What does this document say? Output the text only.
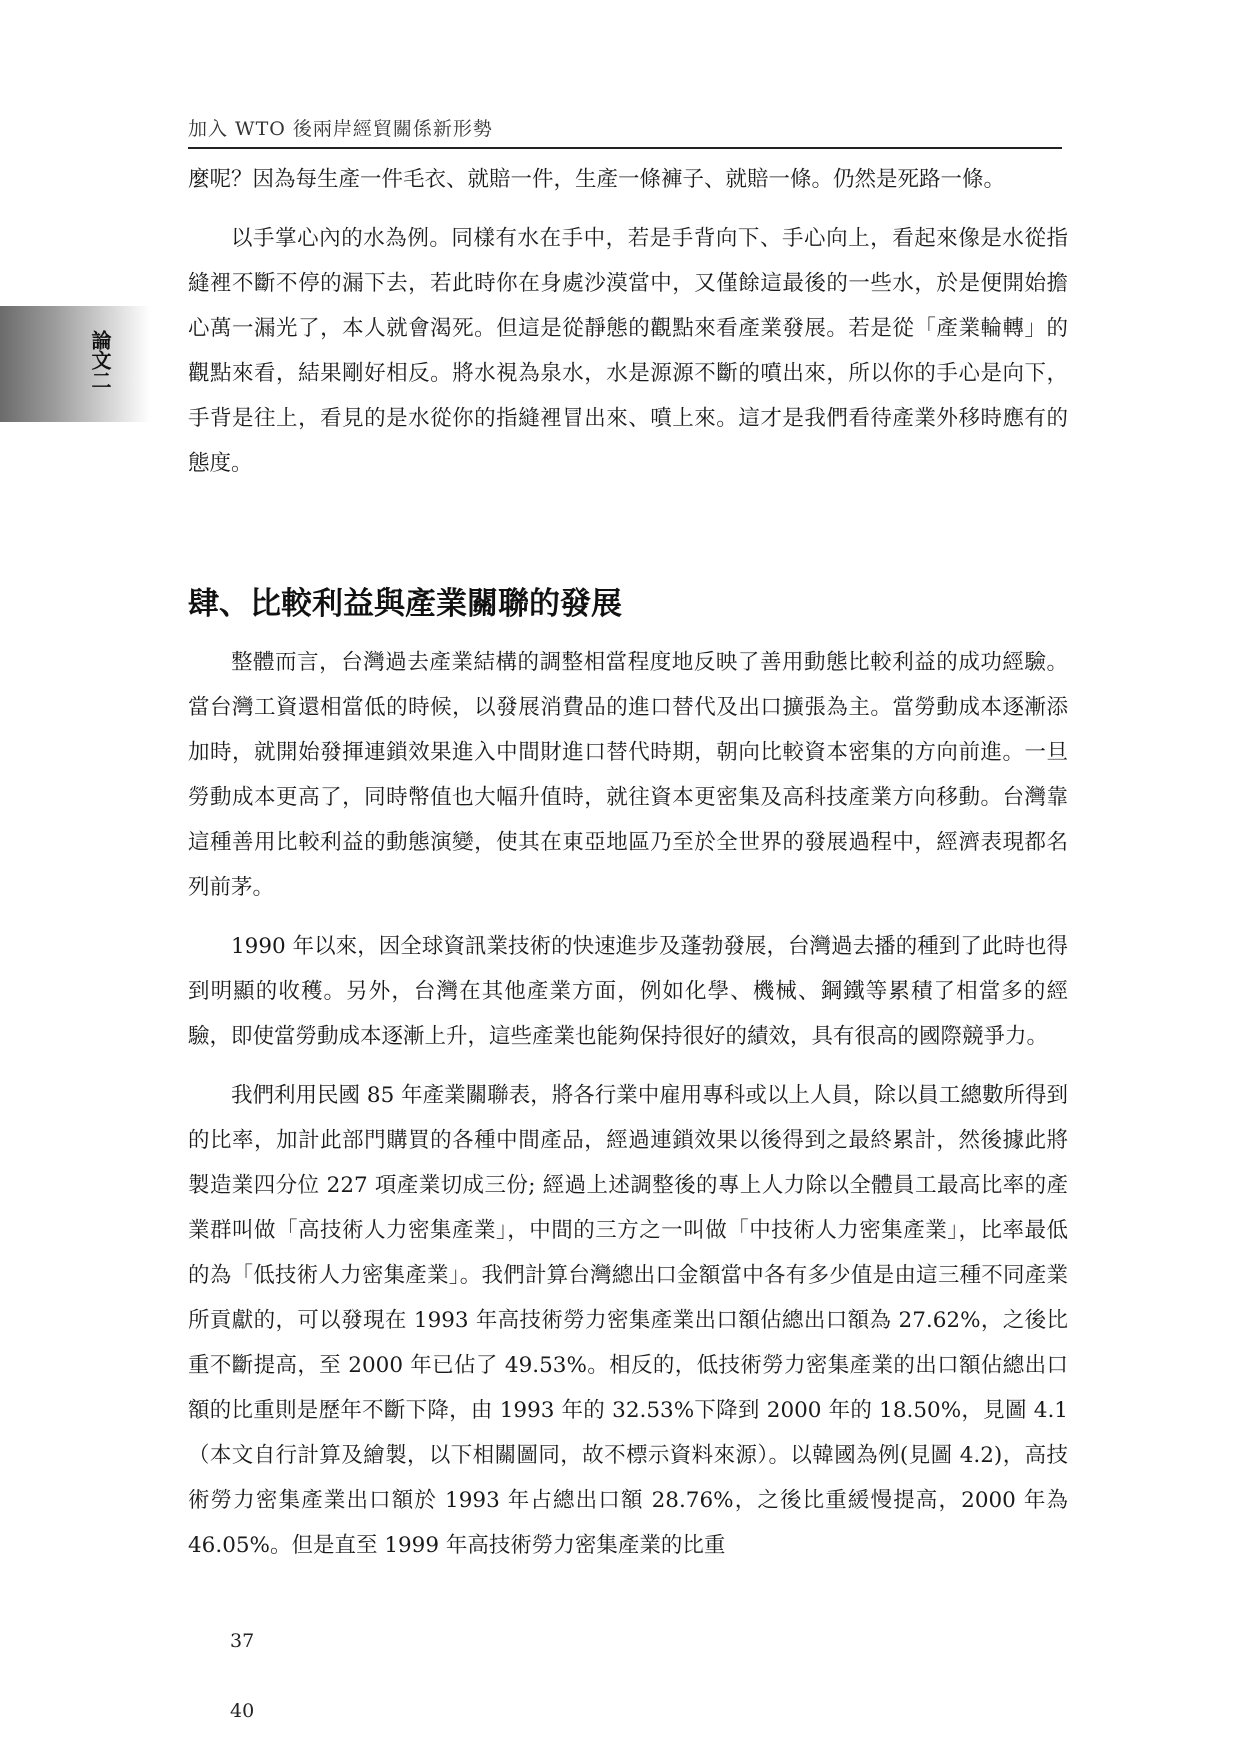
論文二
加入 WTO 後兩岸經貿關係新形勢

麼呢？因為每生產一件毛衣、就賠一件，生產一條褲子、就賠一條。仍然是死路一條。

以手掌心內的水為例。同樣有水在手中，若是手背向下、手心向上，看起來像是水從指縫裡不斷不停的漏下去，若此時你在身處沙漠當中，又僅餘這最後的一些水，於是便開始擔心萬一漏光了，本人就會渴死。但這是從靜態的觀點來看產業發展。若是從「產業輪轉」的觀點來看，結果剛好相反。將水視為泉水，水是源源不斷的噴出來，所以你的手心是向下，手背是往上，看見的是水從你的指縫裡冒出來、噴上來。這才是我們看待產業外移時應有的態度。

肆、比較利益與產業關聯的發展

整體而言，台灣過去產業結構的調整相當程度地反映了善用動態比較利益的成功經驗。當台灣工資還相當低的時候，以發展消費品的進口替代及出口擴張為主。當勞動成本逐漸添加時，就開始發揮連鎖效果進入中間財進口替代時期，朝向比較資本密集的方向前進。一旦勞動成本更高了，同時幣值也大幅升值時，就往資本更密集及高科技產業方向移動。台灣靠這種善用比較利益的動態演變，使其在東亞地區乃至於全世界的發展過程中，經濟表現都名列前茅。

1990 年以來，因全球資訊業技術的快速進步及蓬勃發展，台灣過去播的種到了此時也得到明顯的收穫。另外，台灣在其他產業方面，例如化學、機械、鋼鐵等累積了相當多的經驗，即使當勞動成本逐漸上升，這些產業也能夠保持很好的績效，具有很高的國際競爭力。

我們利用民國 85 年產業關聯表，將各行業中雇用專科或以上人員，除以員工總數所得到的比率，加計此部門購買的各種中間產品，經過連鎖效果以後得到之最終累計，然後據此將製造業四分位 227 項產業切成三份; 經過上述調整後的專上人力除以全體員工最高比率的產業群叫做「高技術人力密集產業」，中間的三方之一叫做「中技術人力密集產業」，比率最低的為「低技術人力密集產業」。我們計算台灣總出口金額當中各有多少值是由這三種不同產業所貢獻的，可以發現在 1993 年高技術勞力密集產業出口額佔總出口額為 27.62%，之後比重不斷提高，至 2000 年已佔了 49.53%。相反的，低技術勞力密集產業的出口額佔總出口額的比重則是歷年不斷下降，由 1993 年的 32.53%下降到 2000 年的 18.50%，見圖 4.1（本文自行計算及繪製，以下相關圖同，故不標示資料來源）。以韓國為例(見圖 4.2)，高技術勞力密集產業出口額於 1993 年占總出口額 28.76%，之後比重緩慢提高，2000 年為 46.05%。但是直至 1999 年高技術勞力密集產業的比重

37
40
